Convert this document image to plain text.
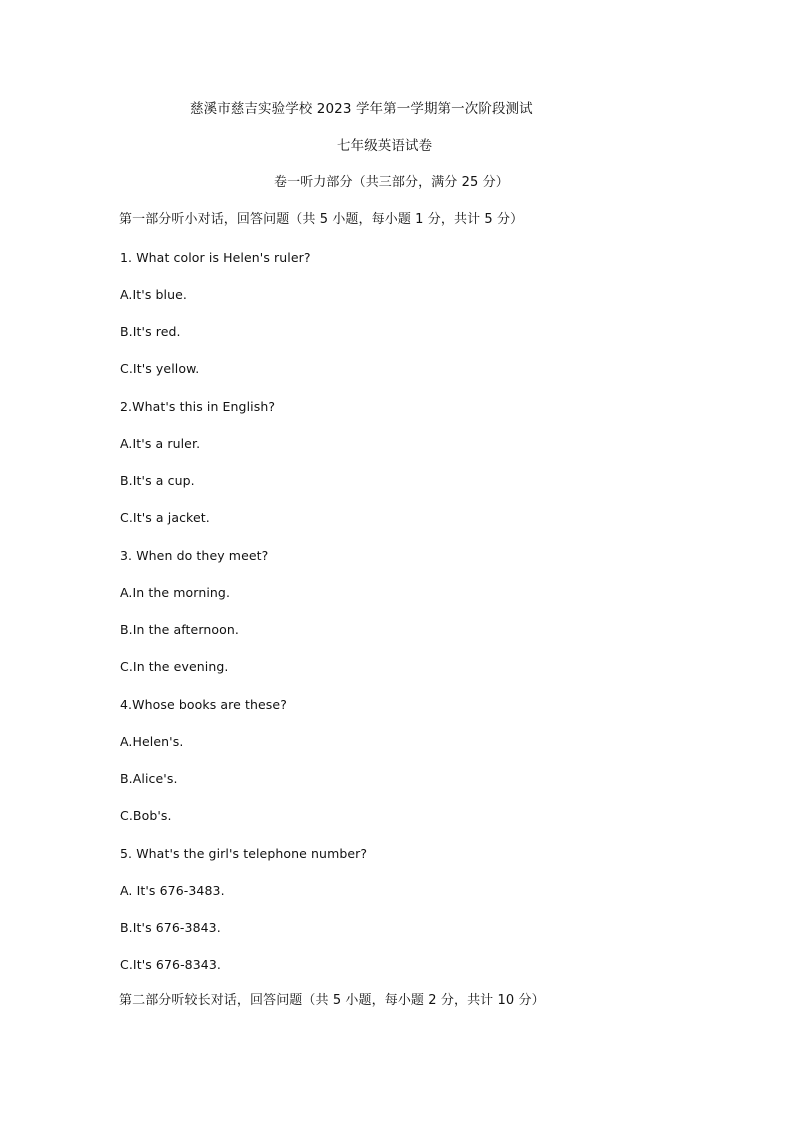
慈溪市慈吉实验学校 2023 学年第一学期第一次阶段测试
七年级英语试卷
卷一听力部分（共三部分，满分 25 分）
第一部分听小对话，回答问题（共 5 小题，每小题 1 分，共计 5 分）
1. What color is Helen's ruler?
A.It's blue.
B.It's red.
C.It's yellow.
2.What's this in English?
A.It's a ruler.
B.It's a cup.
C.It's a jacket.
3. When do they meet?
A.In the morning.
B.In the afternoon.
C.In the evening.
4.Whose books are these?
A.Helen's.
B.Alice's.
C.Bob's.
5. What's the girl's telephone number?
A. It's 676-3483.
B.It's 676-3843.
C.It's 676-8343.
第二部分听较长对话，回答问题（共 5 小题，每小题 2 分，共计 10 分）
